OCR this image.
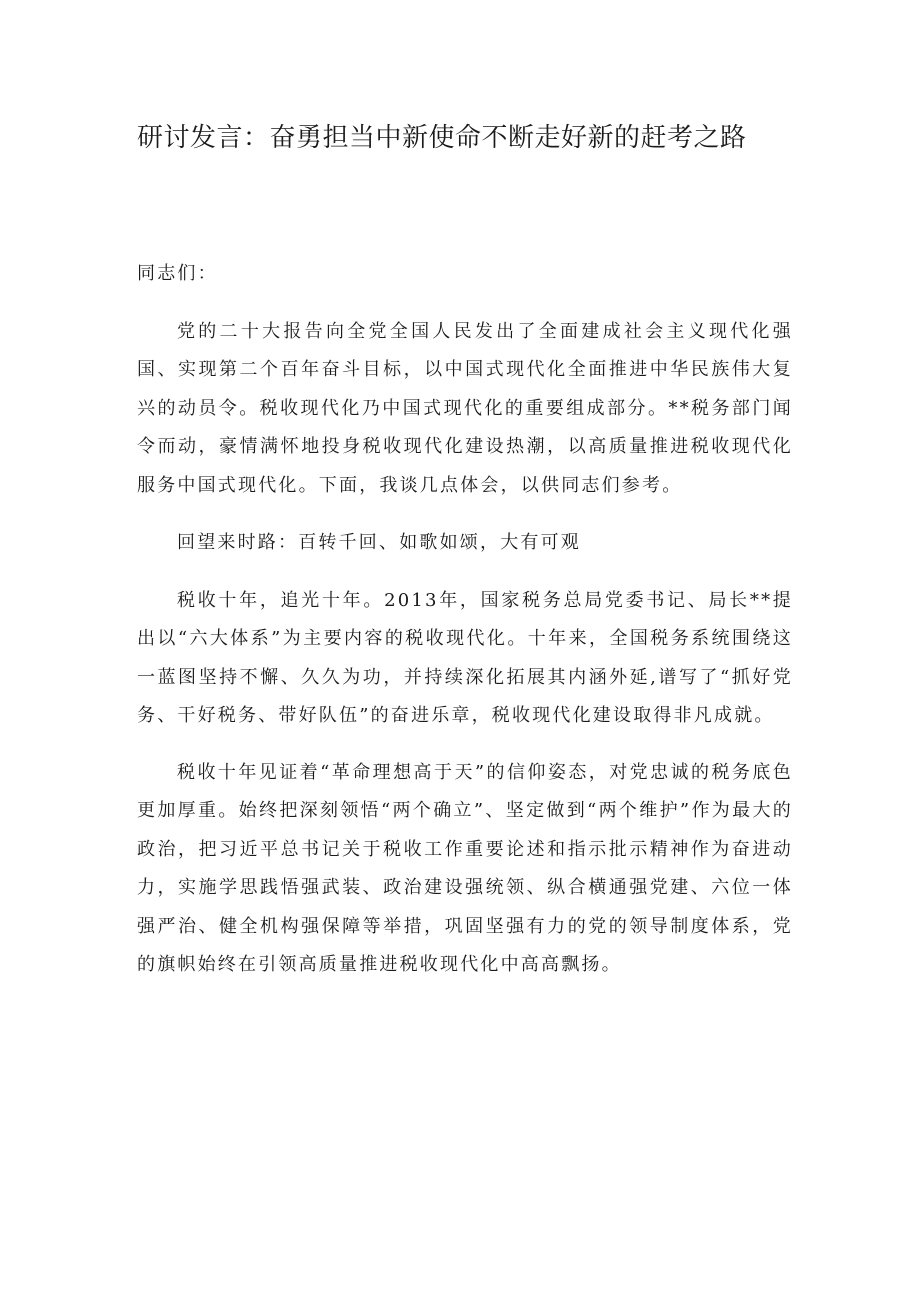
研讨发言：奋勇担当中新使命不断走好新的赶考之路

同志们：

党的二十大报告向全党全国人民发出了全面建成社会主义现代化强国、实现第二个百年奋斗目标，以中国式现代化全面推进中华民族伟大复兴的动员令。税收现代化乃中国式现代化的重要组成部分。**税务部门闻令而动，豪情满怀地投身税收现代化建设热潮，以高质量推进税收现代化服务中国式现代化。下面，我谈几点体会，以供同志们参考。

回望来时路：百转千回、如歌如颂，大有可观

税收十年，追光十年。2013年，国家税务总局党委书记、局长**提出以“六大体系”为主要内容的税收现代化。十年来，全国税务系统围绕这一蓝图坚持不懈、久久为功，并持续深化拓展其内涵外延,谱写了“抓好党务、干好税务、带好队伍”的奋进乐章，税收现代化建设取得非凡成就。

税收十年见证着“革命理想高于天”的信仰姿态，对党忠诚的税务底色更加厚重。始终把深刻领悟“两个确立”、坚定做到“两个维护”作为最大的政治，把习近平总书记关于税收工作重要论述和指示批示精神作为奋进动力，实施学思践悟强武装、政治建设强统领、纵合横通强党建、六位一体强严治、健全机构强保障等举措，巩固坚强有力的党的领导制度体系，党的旗帜始终在引领高质量推进税收现代化中高高飘扬。
